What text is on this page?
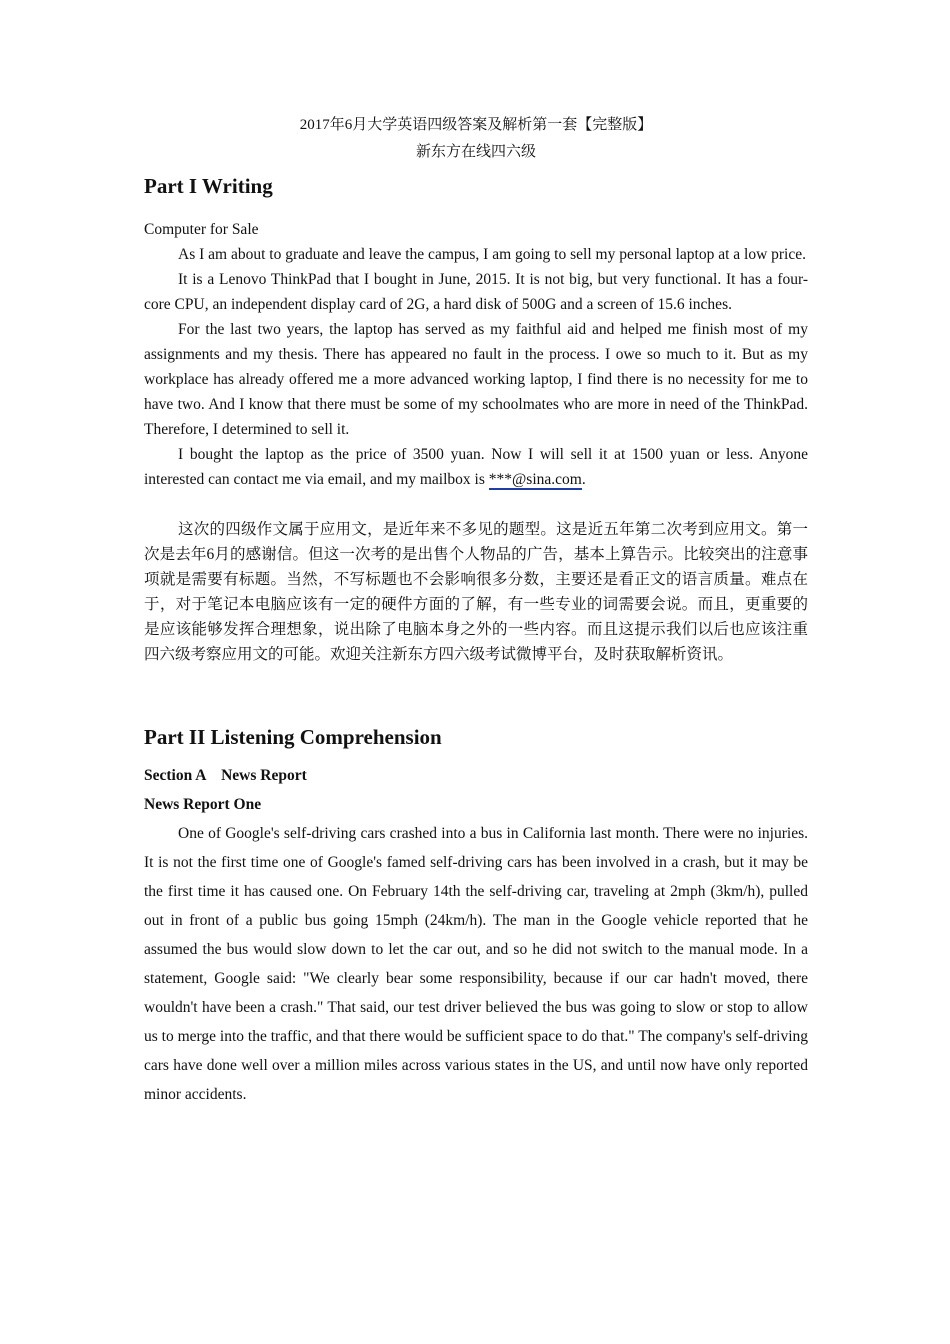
2017年6月大学英语四级答案及解析第一套【完整版】

新东方在线四六级

Part I Writing

Computer for Sale

As I am about to graduate and leave the campus, I am going to sell my personal laptop at a low price.

It is a Lenovo ThinkPad that I bought in June, 2015. It is not big, but very functional. It has a four-core CPU, an independent display card of 2G, a hard disk of 500G and a screen of 15.6 inches.

For the last two years, the laptop has served as my faithful aid and helped me finish most of my assignments and my thesis. There has appeared no fault in the process. I owe so much to it. But as my workplace has already offered me a more advanced working laptop, I find there is no necessity for me to have two. And I know that there must be some of my schoolmates who are more in need of the ThinkPad. Therefore, I determined to sell it.

I bought the laptop as the price of 3500 yuan. Now I will sell it at 1500 yuan or less. Anyone interested can contact me via email, and my mailbox is ***@sina.com.

这次的四级作文属于应用文，是近年来不多见的题型。这是近五年第二次考到应用文。第一次是去年6月的感谢信。但这一次考的是出售个人物品的广告，基本上算告示。比较突出的注意事项就是需要有标题。当然，不写标题也不会影响很多分数，主要还是看正文的语言质量。难点在于，对于笔记本电脑应该有一定的硬件方面的了解，有一些专业的词需要会说。而且，更重要的是应该能够发挥合理想象，说出除了电脑本身之外的一些内容。而且这提示我们以后也应该注重四六级考察应用文的可能。欢迎关注新东方四六级考试微博平台，及时获取解析资讯。

Part II Listening Comprehension

Section A    News Report

News Report One

One of Google's self-driving cars crashed into a bus in California last month. There were no injuries. It is not the first time one of Google's famed self-driving cars has been involved in a crash, but it may be the first time it has caused one. On February 14th the self-driving car, traveling at 2mph (3km/h), pulled out in front of a public bus going 15mph (24km/h). The man in the Google vehicle reported that he assumed the bus would slow down to let the car out, and so he did not switch to the manual mode. In a statement, Google said: "We clearly bear some responsibility, because if our car hadn't moved, there wouldn't have been a crash." That said, our test driver believed the bus was going to slow or stop to allow us to merge into the traffic, and that there would be sufficient space to do that." The company's self-driving cars have done well over a million miles across various states in the US, and until now have only reported minor accidents.
